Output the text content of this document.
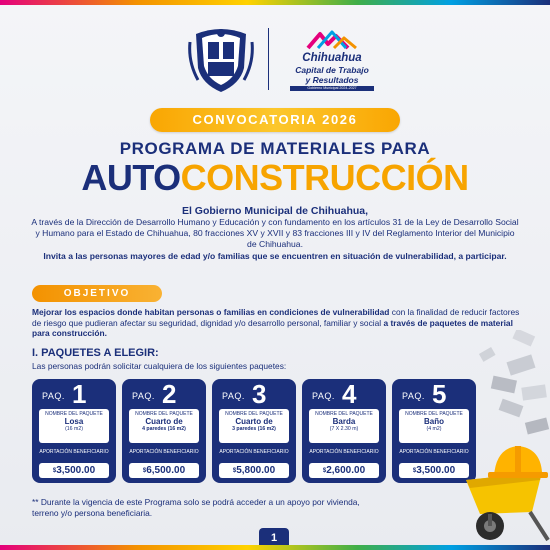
Chihuahua
Capital de Trabajo
y Resultados
Gobierno Municipal 2024-2027
CONVOCATORIA 2026
PROGRAMA DE MATERIALES PARA
AUTOCONSTRUCCIÓN
El Gobierno Municipal de Chihuahua,
A través de la Dirección de Desarrollo Humano y Educación y con fundamento en los artículos 31 de la Ley de Desarrollo Social y Humano para el Estado de Chihuahua, 80 fracciones XV y XVII y 83 fracciones III y IV del Reglamento Interior del Municipio de Chihuahua.
Invita a las personas mayores de edad y/o familias que se encuentren en situación de vulnerabilidad, a participar.
OBJETIVO
Mejorar los espacios donde habitan personas o familias en condiciones de vulnerabilidad con la finalidad de reducir factores de riesgo que pudieran afectar su seguridad, dignidad y/o desarrollo personal, familiar y social a través de paquetes de material para construcción.
I. PAQUETES A ELEGIR:
Las personas podrán solicitar cualquiera de los siguientes paquetes:
PAQ. 1
NOMBRE DEL PAQUETE
Losa
(16 m2)
APORTACIÓN BENEFICIARIO
$3,500.00
PAQ. 2
NOMBRE DEL PAQUETE
Cuarto de
4 paredes (16 m2)
APORTACIÓN BENEFICIARIO
$6,500.00
PAQ. 3
NOMBRE DEL PAQUETE
Cuarto de
3 paredes (16 m2)
APORTACIÓN BENEFICIARIO
$5,800.00
PAQ. 4
NOMBRE DEL PAQUETE
Barda
(7 X 2.30 m)
APORTACIÓN BENEFICIARIO
$2,600.00
PAQ. 5
NOMBRE DEL PAQUETE
Baño
(4 m2)
APORTACIÓN BENEFICIARIO
$3,500.00
** Durante la vigencia de este Programa solo se podrá acceder a un apoyo por vivienda, terreno y/o persona beneficiaria.
1
